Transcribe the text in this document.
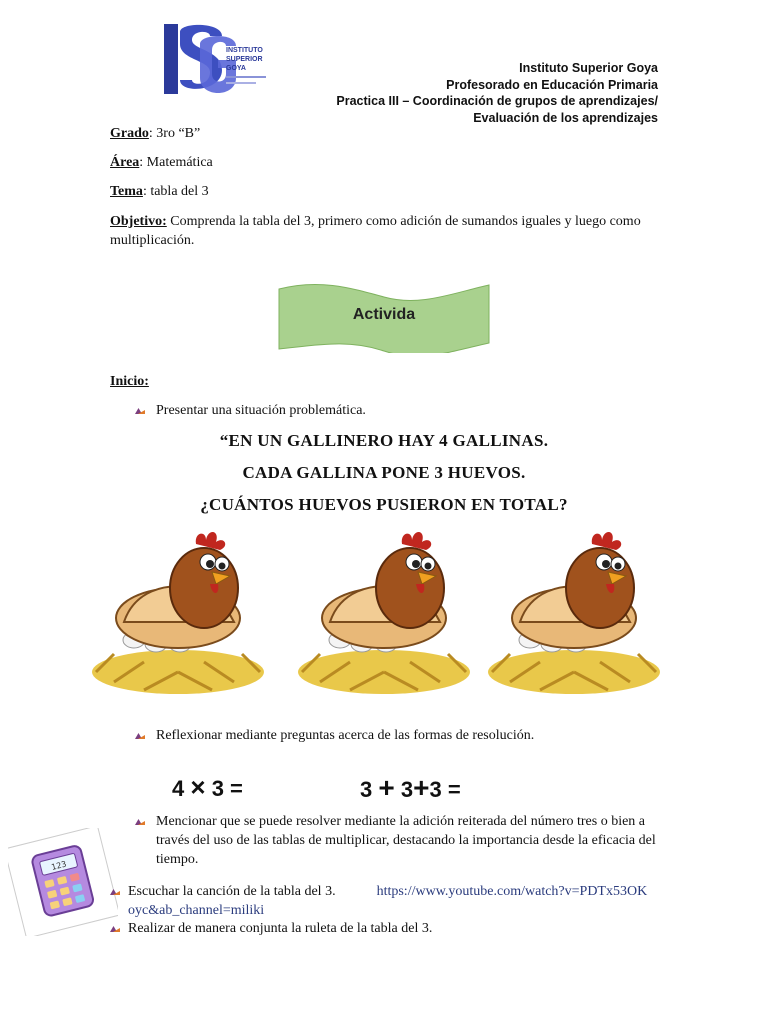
INSTITUTO
SUPERIOR
GOYA	Instituto Superior Goya
Profesorado en Educación Primaria
Practica III – Coordinación de grupos de aprendizajes/
Evaluación de los aprendizajes
Grado: 3ro “B”
Área: Matemática
Tema: tabla del 3
Objetivo: Comprenda la tabla del 3, primero como adición de sumandos iguales y luego como multiplicación.
Activida
Inicio:
Presentar una situación problemática.
“EN UN GALLINERO HAY 4 GALLINAS.
CADA GALLINA PONE 3 HUEVOS.
¿CUÁNTOS HUEVOS PUSIERON EN TOTAL?
Reflexionar mediante preguntas acerca de las formas de resolución.
4 × 3 =	3 + 3+3 =
Mencionar que se puede resolver mediante la adición reiterada del número tres o bien a través del uso de las tablas de multiplicar, destacando la importancia desde la eficacia del tiempo.
123
Escuchar la canción de la tabla del 3.	https://www.youtube.com/watch?v=PDTx53OKoyc&ab_channel=miliki
Realizar de manera conjunta la ruleta de la tabla del 3.
